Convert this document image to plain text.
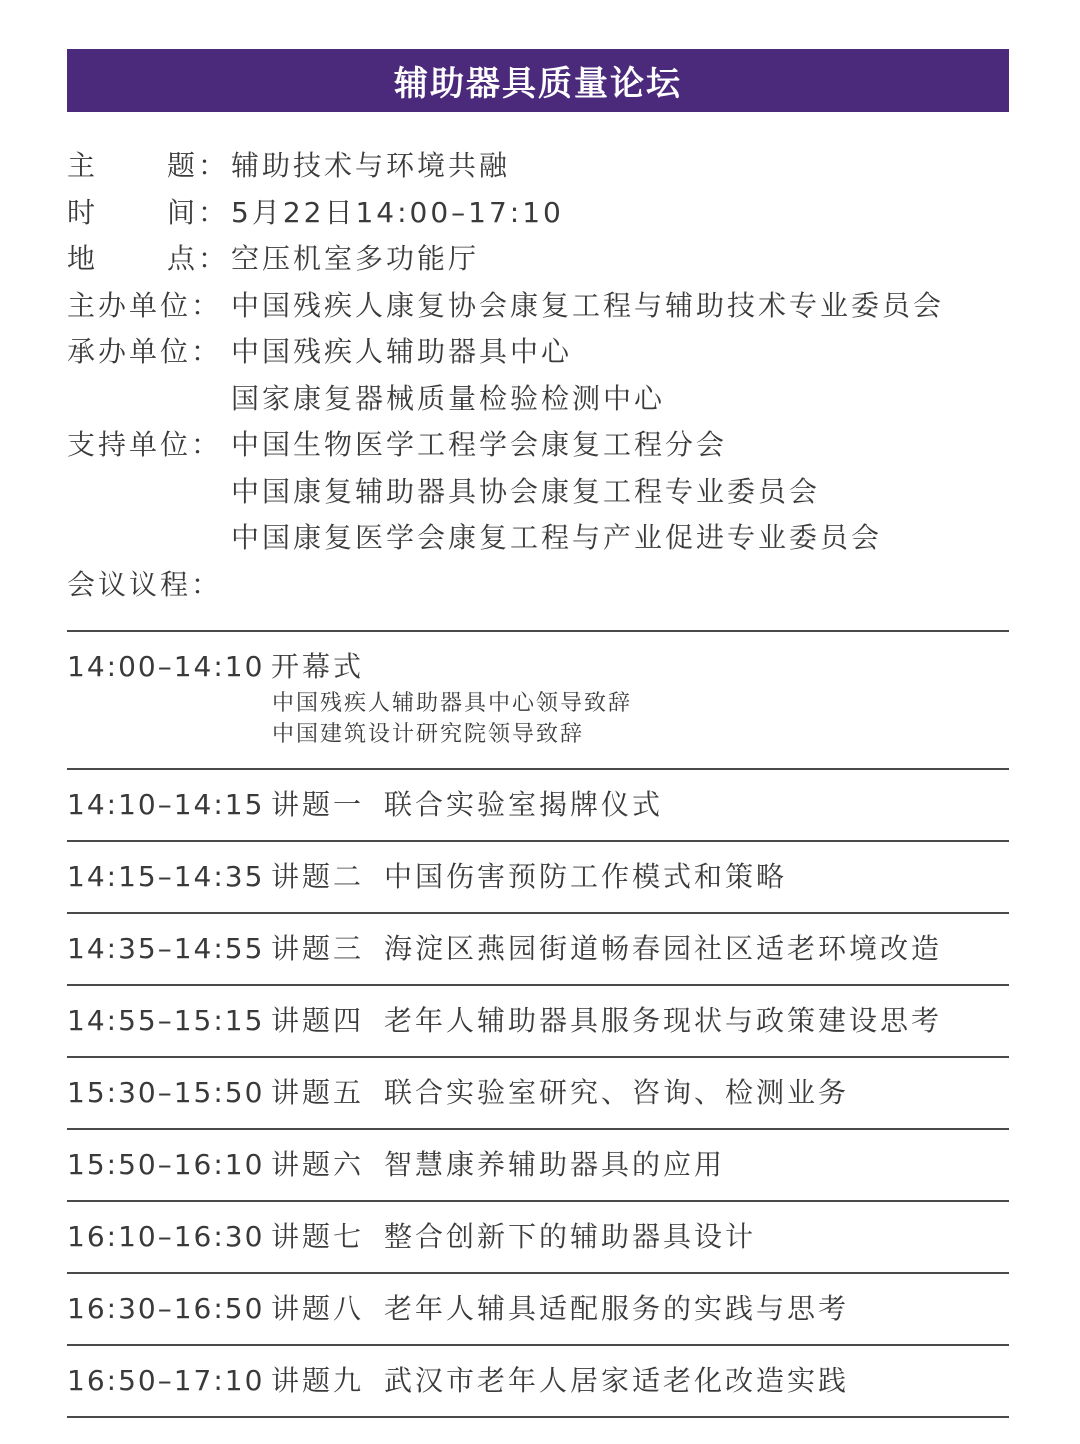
辅助器具质量论坛
主 题 ： 辅助技术与环境共融
时 间 ： 5月22日14:00–17:10
地 点 ： 空压机室多功能厅
主办单位： 中国残疾人康复协会康复工程与辅助技术专业委员会
承办单位： 中国残疾人辅助器具中心
国家康复器械质量检验检测中心
支持单位： 中国生物医学工程学会康复工程分会
中国康复辅助器具协会康复工程专业委员会
中国康复医学会康复工程与产业促进专业委员会
会议议程：
14:00–14:10 开幕式
中国残疾人辅助器具中心领导致辞
中国建筑设计研究院领导致辞
14:10–14:15 讲题一 联合实验室揭牌仪式
14:15–14:35 讲题二 中国伤害预防工作模式和策略
14:35–14:55 讲题三 海淀区燕园街道畅春园社区适老环境改造
14:55–15:15 讲题四 老年人辅助器具服务现状与政策建设思考
15:30–15:50 讲题五 联合实验室研究、咨询、检测业务
15:50–16:10 讲题六 智慧康养辅助器具的应用
16:10–16:30 讲题七 整合创新下的辅助器具设计
16:30–16:50 讲题八 老年人辅具适配服务的实践与思考
16:50–17:10 讲题九 武汉市老年人居家适老化改造实践
